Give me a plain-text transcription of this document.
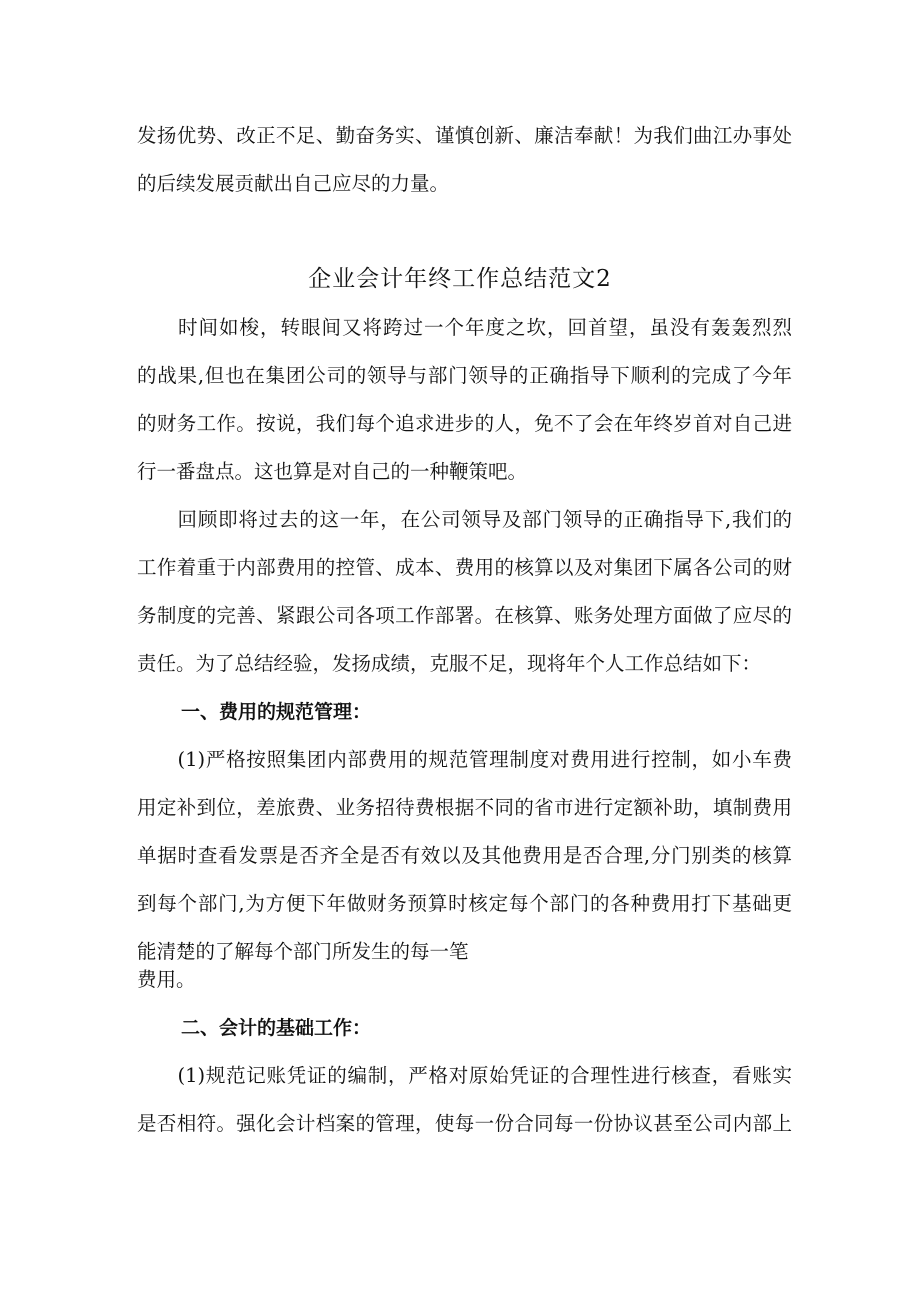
发扬优势、改正不足、勤奋务实、谨慎创新、廉洁奉献！为我们曲江办事处
的后续发展贡献出自己应尽的力量。
企业会计年终工作总结范文2
　　时间如梭，转眼间又将跨过一个年度之坎，回首望，虽没有轰轰烈烈
的战果,但也在集团公司的领导与部门领导的正确指导下顺利的完成了今年
的财务工作。按说，我们每个追求进步的人，免不了会在年终岁首对自己进
行一番盘点。这也算是对自己的一种鞭策吧。
　　回顾即将过去的这一年，在公司领导及部门领导的正确指导下,我们的
工作着重于内部费用的控管、成本、费用的核算以及对集团下属各公司的财
务制度的完善、紧跟公司各项工作部署。在核算、账务处理方面做了应尽的
责任。为了总结经验，发扬成绩，克服不足，现将年个人工作总结如下：
一、费用的规范管理：
　　(1)严格按照集团内部费用的规范管理制度对费用进行控制，如小车费
用定补到位，差旅费、业务招待费根据不同的省市进行定额补助，填制费用
单据时查看发票是否齐全是否有效以及其他费用是否合理,分门别类的核算
到每个部门,为方便下年做财务预算时核定每个部门的各种费用打下基础更
能清楚的了解每个部门所发生的每一笔
费用。
二、会计的基础工作：
　　(1)规范记账凭证的编制，严格对原始凭证的合理性进行核查，看账实
是否相符。强化会计档案的管理，使每一份合同每一份协议甚至公司内部上
